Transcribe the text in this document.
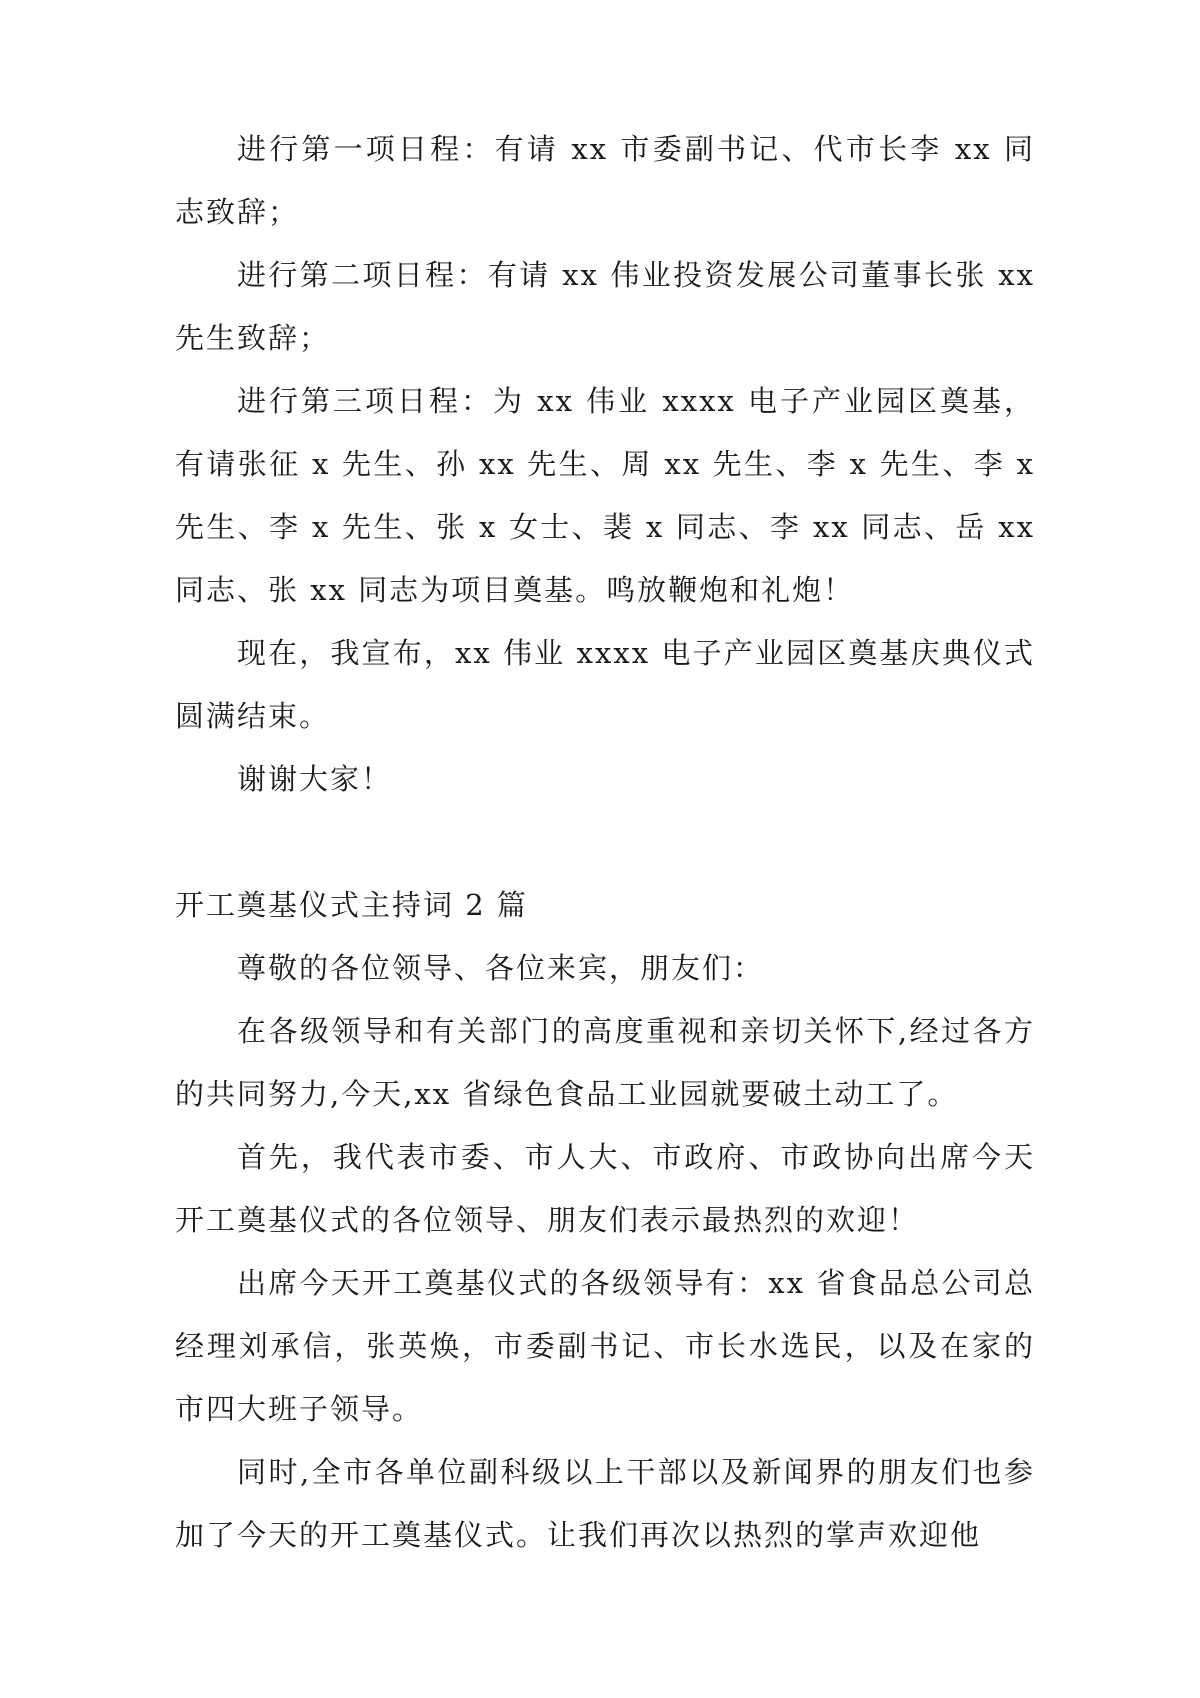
进行第一项日程：有请 xx 市委副书记、代市长李 xx 同志致辞；

进行第二项日程：有请 xx 伟业投资发展公司董事长张 xx 先生致辞；

进行第三项日程：为 xx 伟业 xxxx 电子产业园区奠基，有请张征 x 先生、孙 xx 先生、周 xx 先生、李 x 先生、李 x 先生、李 x 先生、张 x 女士、裴 x 同志、李 xx 同志、岳 xx 同志、张 xx 同志为项目奠基。鸣放鞭炮和礼炮！

现在，我宣布，xx 伟业 xxxx 电子产业园区奠基庆典仪式圆满结束。

谢谢大家！

开工奠基仪式主持词 2 篇

尊敬的各位领导、各位来宾，朋友们：

在各级领导和有关部门的高度重视和亲切关怀下,经过各方的共同努力,今天,xx 省绿色食品工业园就要破土动工了。

首先，我代表市委、市人大、市政府、市政协向出席今天开工奠基仪式的各位领导、朋友们表示最热烈的欢迎！

出席今天开工奠基仪式的各级领导有：xx 省食品总公司总经理刘承信，张英焕，市委副书记、市长水选民，以及在家的市四大班子领导。

同时,全市各单位副科级以上干部以及新闻界的朋友们也参加了今天的开工奠基仪式。让我们再次以热烈的掌声欢迎他
